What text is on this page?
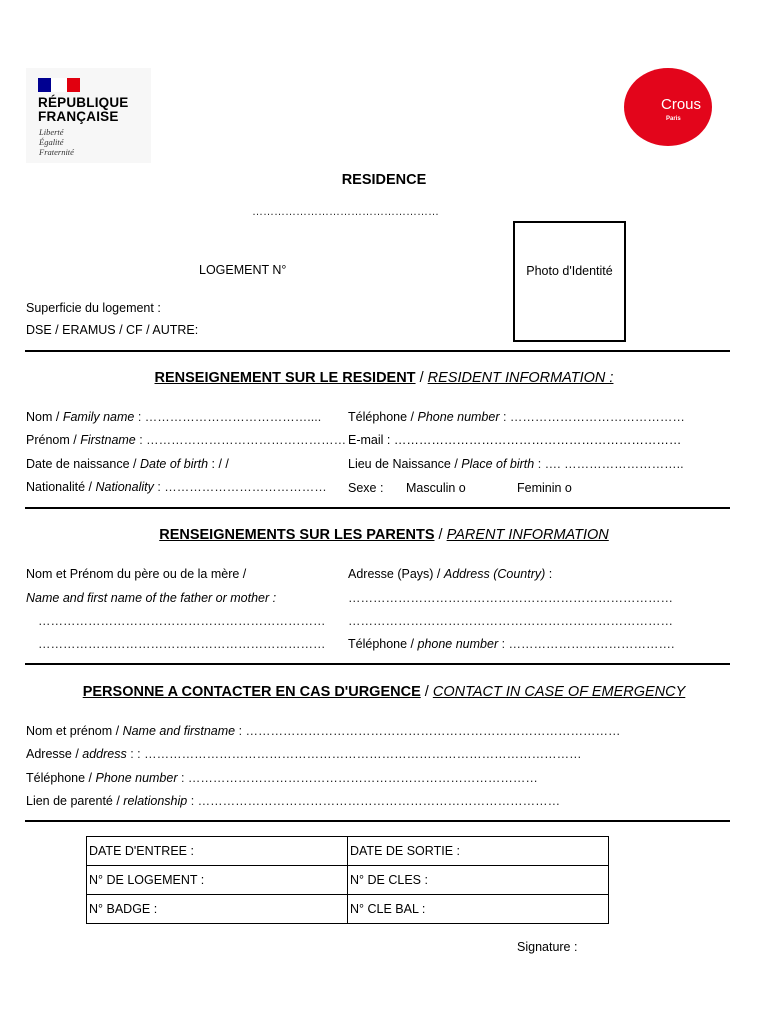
RÉPUBLIQUE
FRANÇAISE
Liberté
Égalité
Fraternité
Crous
Paris
RESIDENCE
……………………………………………
LOGEMENT N°	Photo d'Identité
Superficie du logement :
DSE / ERAMUS / CF / AUTRE:
RENSEIGNEMENT SUR LE RESIDENT / RESIDENT INFORMATION :
Nom / Family name : ………………………………….... Téléphone / Phone number : ……………………………………
Prénom / Firstname : ………………………………………… E-mail : ……………………………………………………………
Date de naissance / Date of birth : / /	Lieu de Naissance / Place of birth : …. ………………………..
Nationalité / Nationality : ………………………………… Sexe : Masculin o	Feminin o
RENSEIGNEMENTS SUR LES PARENTS / PARENT INFORMATION
Nom et Prénom du père ou de la mère /
Name and first name of the father or mother :
……………………………………………………………
……………………………………………………………
Adresse (Pays) / Address (Country) :
……………………………………………………………………
……………………………………………………………………
Téléphone / phone number : ………………………………….
PERSONNE A CONTACTER EN CAS D'URGENCE / CONTACT IN CASE OF EMERGENCY
Nom et prénom / Name and firstname : ………………………………………………………………………………
Adresse / address : : ……………………………………………………………………………………………
Téléphone / Phone number : …………………………………………………………………………
Lien de parenté / relationship : ……………………………………………………………………………
DATE D'ENTREE :	DATE DE SORTIE :
N° DE LOGEMENT :	N° DE CLES :
N° BADGE :	N° CLE BAL :
Signature :
